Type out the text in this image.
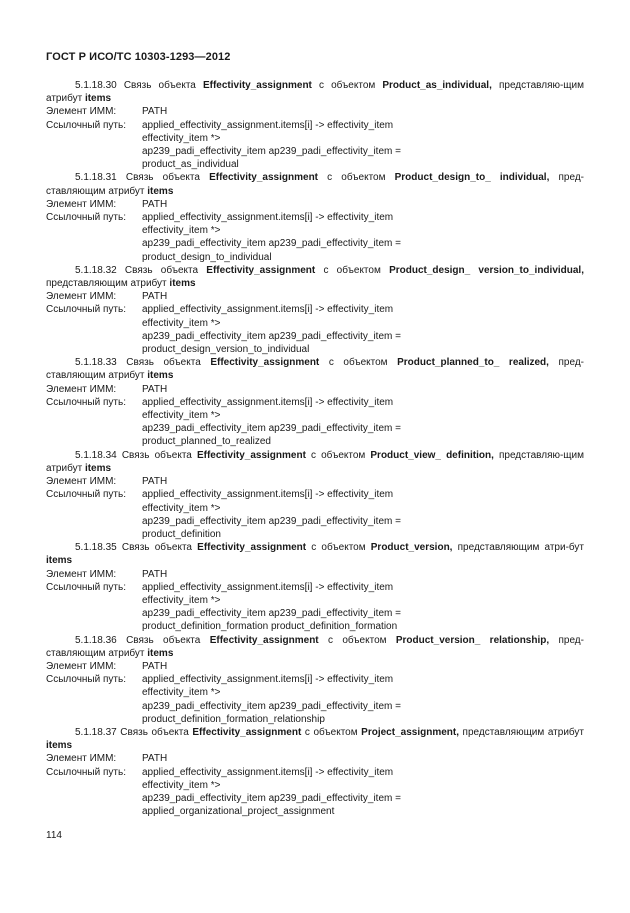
ГОСТ Р ИСО/ТС 10303-1293—2012

5.1.18.30 Связь объекта Effectivity_assignment с объектом Product_as_individual, представляю-щим атрибут items

Элемент ИММ:	PATH
Ссылочный путь:	applied_effectivity_assignment.items[i] -> effectivity_item
effectivity_item *>
ap239_padi_effectivity_item ap239_padi_effectivity_item =
product_as_individual

5.1.18.31 Связь объекта Effectivity_assignment с объектом Product_design_to_ individual, пред-ставляющим атрибут items

Элемент ИММ:	PATH
Ссылочный путь:	applied_effectivity_assignment.items[i] -> effectivity_item
effectivity_item *>
ap239_padi_effectivity_item ap239_padi_effectivity_item =
product_design_to_individual

5.1.18.32 Связь объекта Effectivity_assignment с объектом Product_design_ version_to_individual, представляющим атрибут items

Элемент ИММ:	PATH
Ссылочный путь:	applied_effectivity_assignment.items[i] -> effectivity_item
effectivity_item *>
ap239_padi_effectivity_item ap239_padi_effectivity_item =
product_design_version_to_individual

5.1.18.33 Связь объекта Effectivity_assignment с объектом Product_planned_to_ realized, пред-ставляющим атрибут items

Элемент ИММ:	PATH
Ссылочный путь:	applied_effectivity_assignment.items[i] -> effectivity_item
effectivity_item *>
ap239_padi_effectivity_item ap239_padi_effectivity_item =
product_planned_to_realized

5.1.18.34 Связь объекта Effectivity_assignment с объектом Product_view_ definition, представляю-щим атрибут items

Элемент ИММ:	PATH
Ссылочный путь:	applied_effectivity_assignment.items[i] -> effectivity_item
effectivity_item *>
ap239_padi_effectivity_item ap239_padi_effectivity_item =
product_definition

5.1.18.35 Связь объекта Effectivity_assignment с объектом Product_version, представляющим атри-бут items

Элемент ИММ:	PATH
Ссылочный путь:	applied_effectivity_assignment.items[i] -> effectivity_item
effectivity_item *>
ap239_padi_effectivity_item ap239_padi_effectivity_item =
product_definition_formation product_definition_formation

5.1.18.36 Связь объекта Effectivity_assignment с объектом Product_version_ relationship, пред-ставляющим атрибут items

Элемент ИММ:	PATH
Ссылочный путь:	applied_effectivity_assignment.items[i] -> effectivity_item
effectivity_item *>
ap239_padi_effectivity_item ap239_padi_effectivity_item =
product_definition_formation_relationship

5.1.18.37 Связь объекта Effectivity_assignment с объектом Project_assignment, представляющим атрибут items

Элемент ИММ:	PATH
Ссылочный путь:	applied_effectivity_assignment.items[i] -> effectivity_item
effectivity_item *>
ap239_padi_effectivity_item ap239_padi_effectivity_item =
applied_organizational_project_assignment
114
